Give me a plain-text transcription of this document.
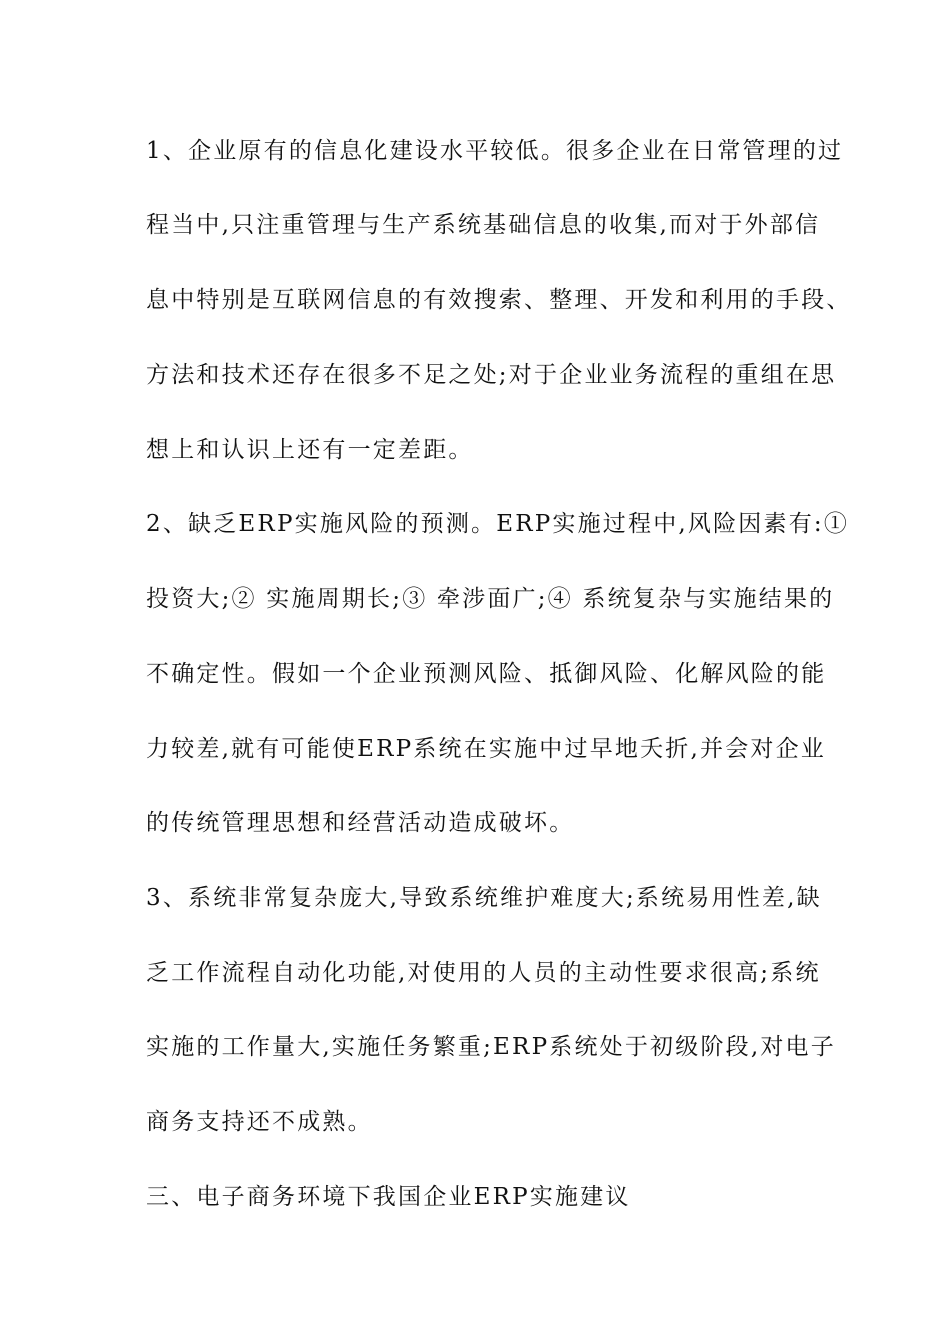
1、企业原有的信息化建设水平较低。很多企业在日常管理的过
程当中,只注重管理与生产系统基础信息的收集,而对于外部信
息中特别是互联网信息的有效搜索、整理、开发和利用的手段、
方法和技术还存在很多不足之处;对于企业业务流程的重组在思
想上和认识上还有一定差距。
2、缺乏ERP实施风险的预测。ERP实施过程中,风险因素有:①
投资大;② 实施周期长;③ 牵涉面广;④ 系统复杂与实施结果的
不确定性。假如一个企业预测风险、抵御风险、化解风险的能
力较差,就有可能使ERP系统在实施中过早地夭折,并会对企业
的传统管理思想和经营活动造成破坏。
3、系统非常复杂庞大,导致系统维护难度大;系统易用性差,缺
乏工作流程自动化功能,对使用的人员的主动性要求很高;系统
实施的工作量大,实施任务繁重;ERP系统处于初级阶段,对电子
商务支持还不成熟。
三、电子商务环境下我国企业ERP实施建议
